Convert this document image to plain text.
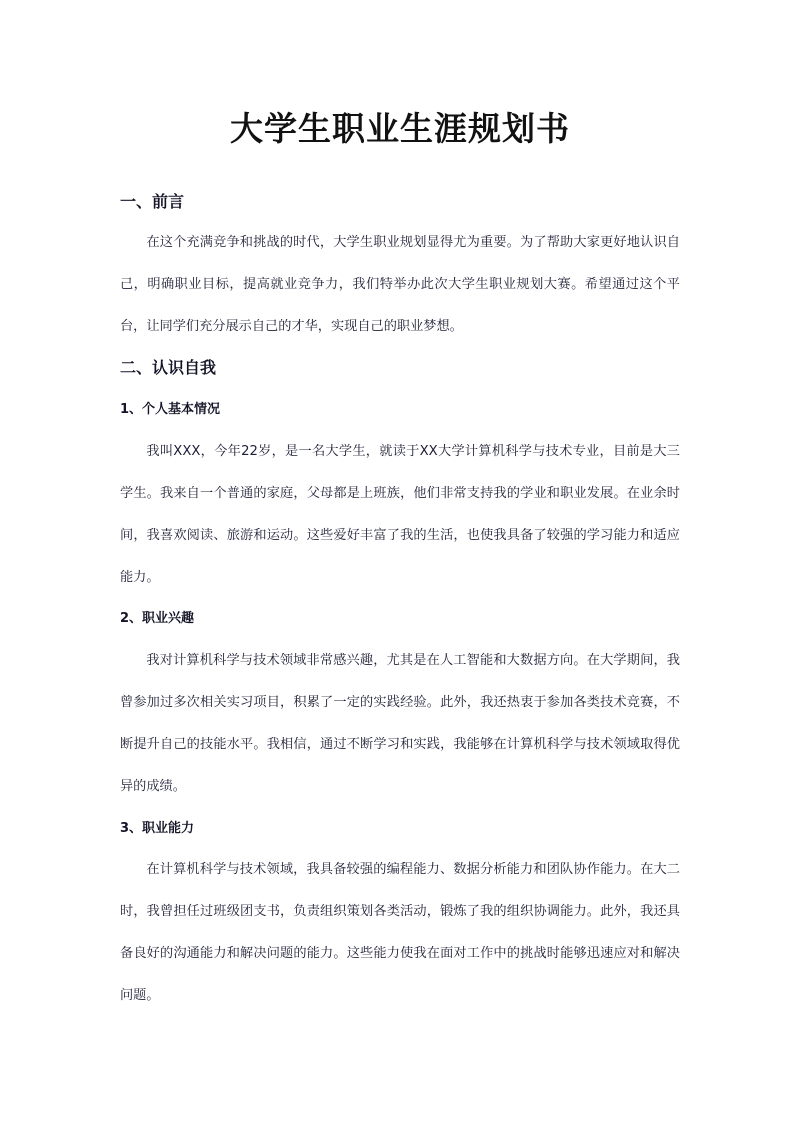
大学生职业生涯规划书
一、前言

在这个充满竞争和挑战的时代，大学生职业规划显得尤为重要。为了帮助大家更好地认识自己，明确职业目标，提高就业竞争力，我们特举办此次大学生职业规划大赛。希望通过这个平台，让同学们充分展示自己的才华，实现自己的职业梦想。

二、认识自我
1、个人基本情况

我叫XXX，今年22岁，是一名大学生，就读于XX大学计算机科学与技术专业，目前是大三学生。我来自一个普通的家庭，父母都是上班族，他们非常支持我的学业和职业发展。在业余时间，我喜欢阅读、旅游和运动。这些爱好丰富了我的生活，也使我具备了较强的学习能力和适应能力。

2、职业兴趣

我对计算机科学与技术领域非常感兴趣，尤其是在人工智能和大数据方向。在大学期间，我曾参加过多次相关实习项目，积累了一定的实践经验。此外，我还热衷于参加各类技术竞赛，不断提升自己的技能水平。我相信，通过不断学习和实践，我能够在计算机科学与技术领域取得优异的成绩。

3、职业能力

在计算机科学与技术领域，我具备较强的编程能力、数据分析能力和团队协作能力。在大二时，我曾担任过班级团支书，负责组织策划各类活动，锻炼了我的组织协调能力。此外，我还具备良好的沟通能力和解决问题的能力。这些能力使我在面对工作中的挑战时能够迅速应对和解决问题。
